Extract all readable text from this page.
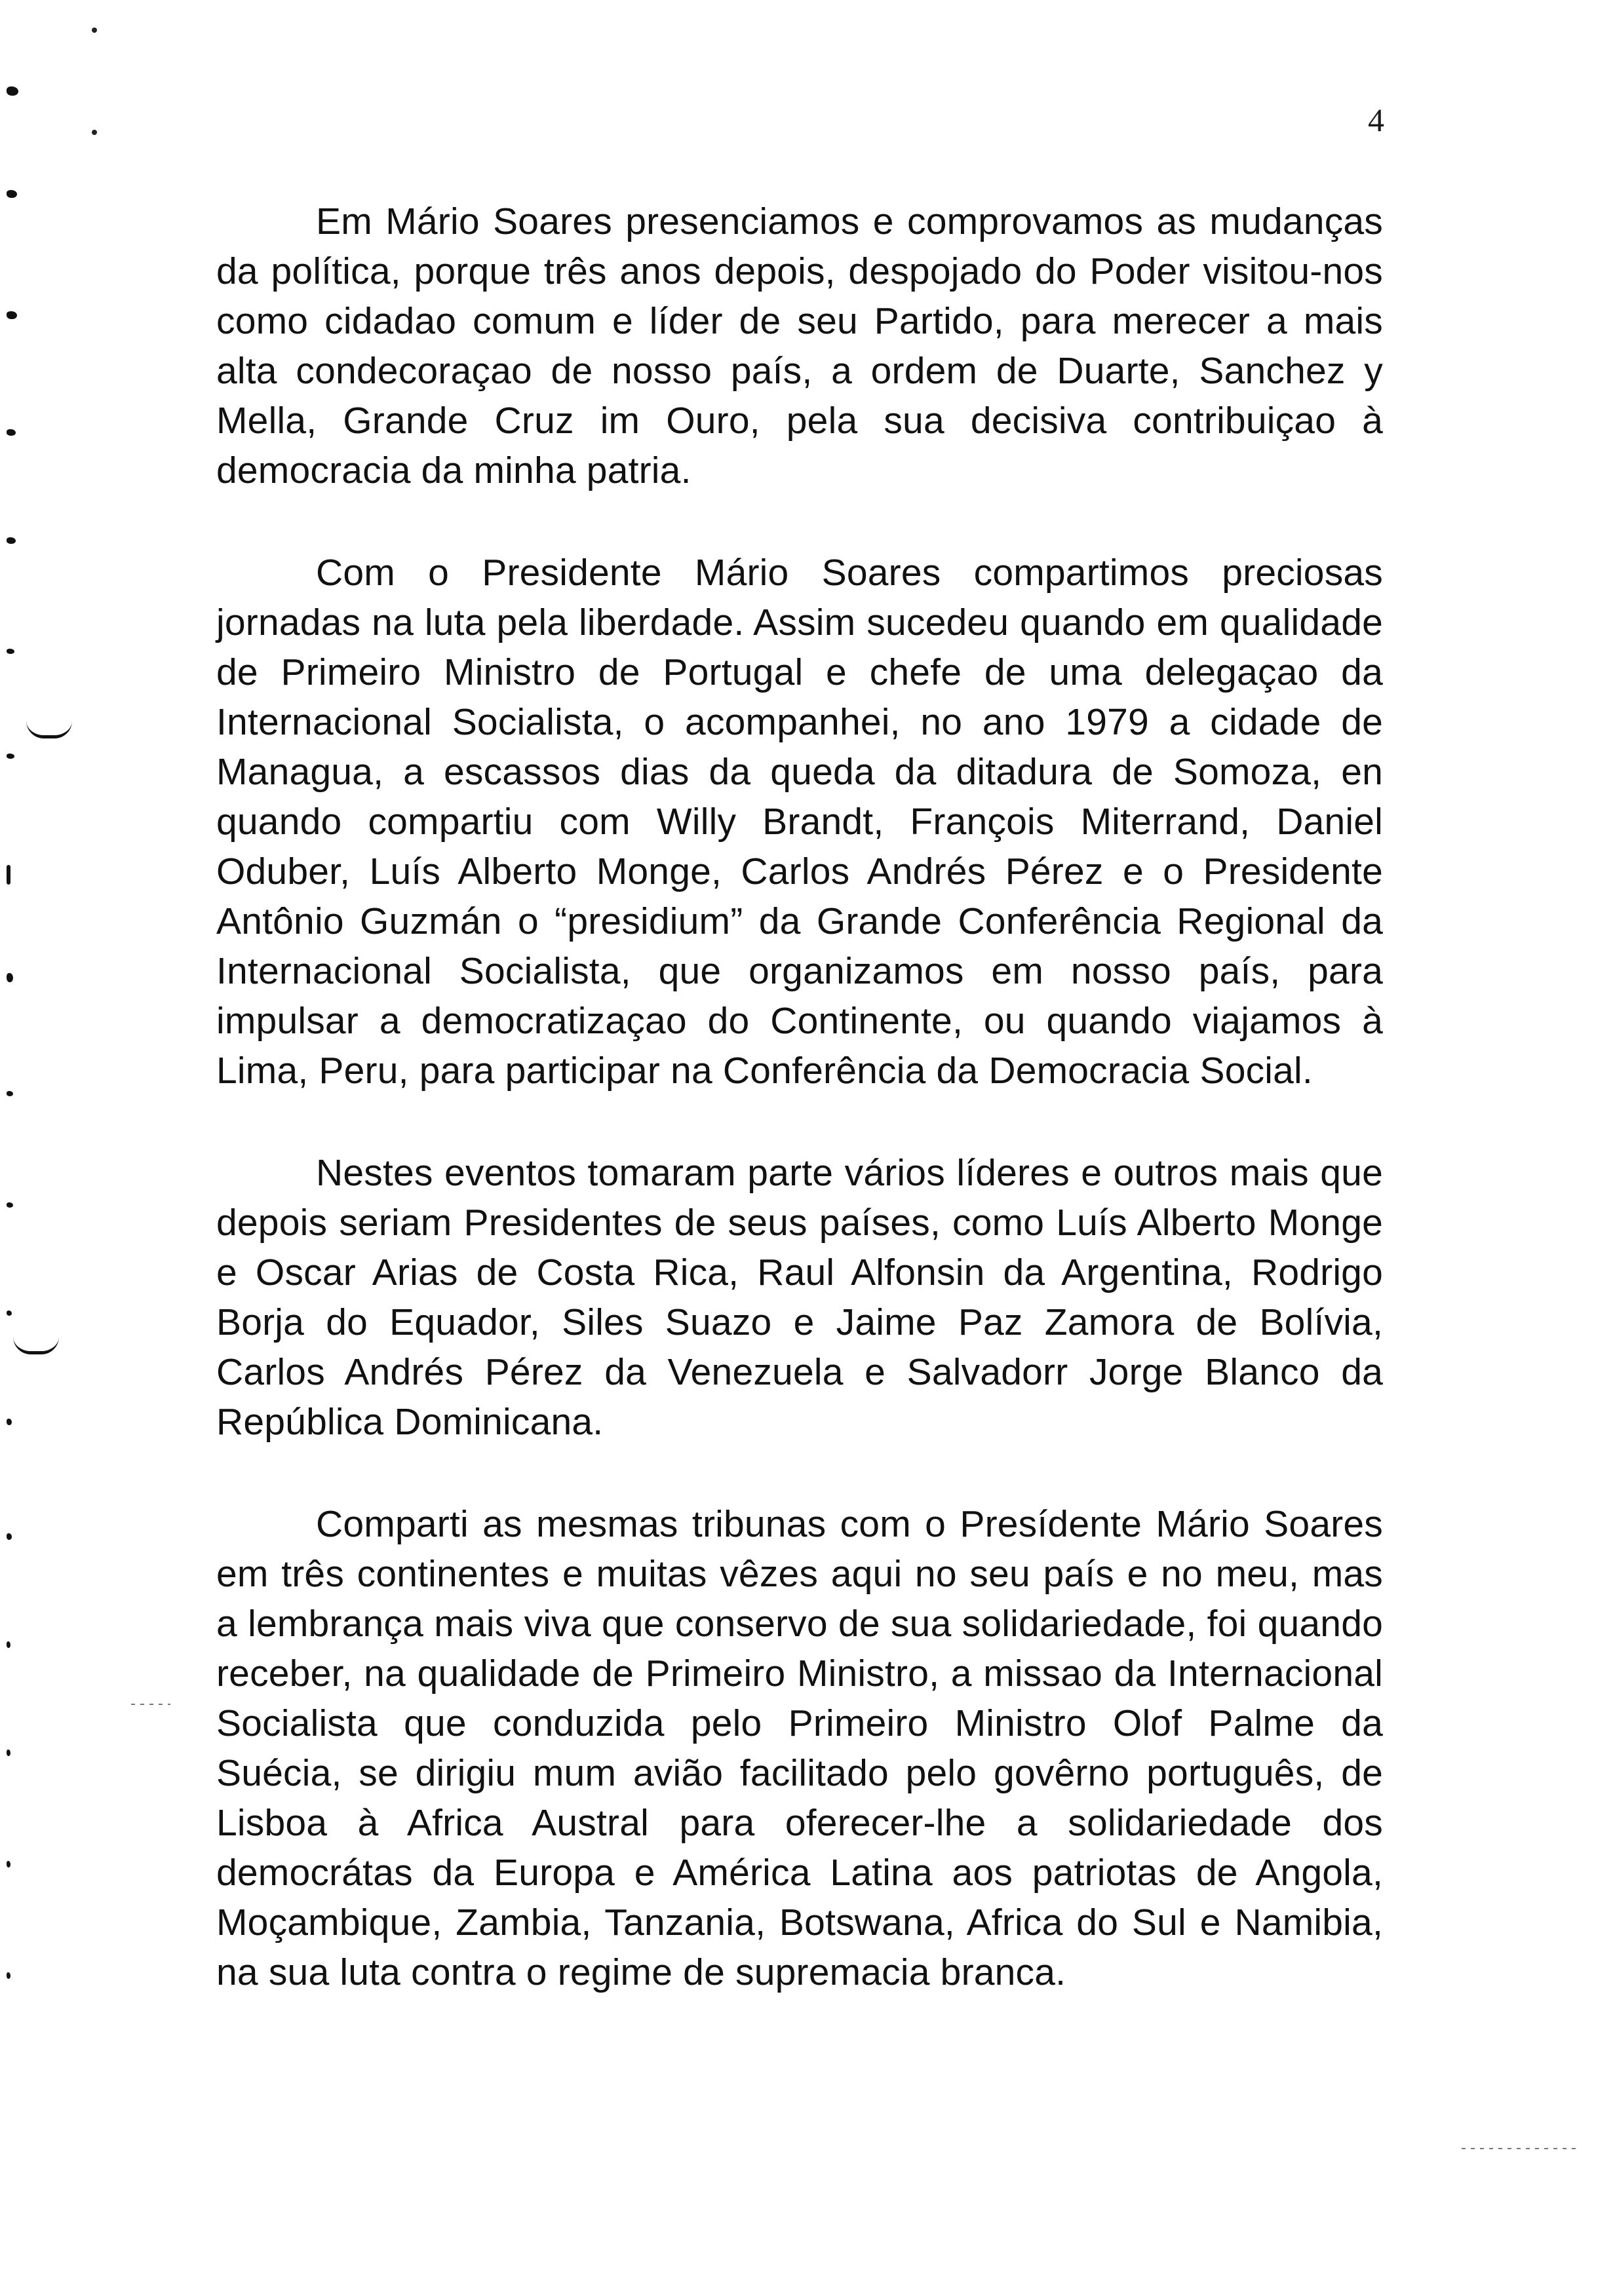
4

Em Mário Soares presenciamos e comprovamos as mudanças da política, porque três anos depois, despojado do Poder visitou-nos como cidadao comum e líder de seu Partido, para merecer a mais alta condecoraçao de nosso país, a ordem de Duarte, Sanchez y Mella, Grande Cruz im Ouro, pela sua decisiva contribuiçao à democracia da minha patria.

Com o Presidente Mário Soares compartimos preciosas jornadas na luta pela liberdade. Assim sucedeu quando em qualidade de Primeiro Ministro de Portugal e chefe de uma delegaçao da Internacional Socialista, o acompanhei, no ano 1979 a cidade de Managua, a escassos dias da queda da ditadura de Somoza, en quando compartiu com Willy Brandt, François Miterrand, Daniel Oduber, Luís Alberto Monge, Carlos Andrés Pérez e o Presidente Antônio Guzmán o “presidium” da Grande Conferência Regional da Internacional Socialista, que organizamos em nosso país, para impulsar a democratizaçao do Continente, ou quando viajamos à Lima, Peru, para participar na Conferência da Democracia Social.

Nestes eventos tomaram parte vários líderes e outros mais que depois seriam Presidentes de seus países, como Luís Alberto Monge e Oscar Arias de Costa Rica, Raul Alfonsin da Argentina, Rodrigo Borja do Equador, Siles Suazo e Jaime Paz Zamora de Bolívia, Carlos Andrés Pérez da Venezuela e Salvadorr Jorge Blanco da República Dominicana.

Comparti as mesmas tribunas com o Presídente Mário Soares em três continentes e muitas vêzes aqui no seu país e no meu, mas a lembrança mais viva que conservo de sua solidariedade, foi quando receber, na qualidade de Primeiro Ministro, a missao da Internacional Socialista que conduzida pelo Primeiro Ministro Olof Palme da Suécia, se dirigiu mum avião facilitado pelo govêrno português, de Lisboa à Africa Austral para oferecer-lhe a solidariedade dos democrátas da Europa e América Latina aos patriotas de Angola, Moçambique, Zambia, Tanzania, Botswana, Africa do Sul e Namibia, na sua luta contra o regime de supremacia branca.
